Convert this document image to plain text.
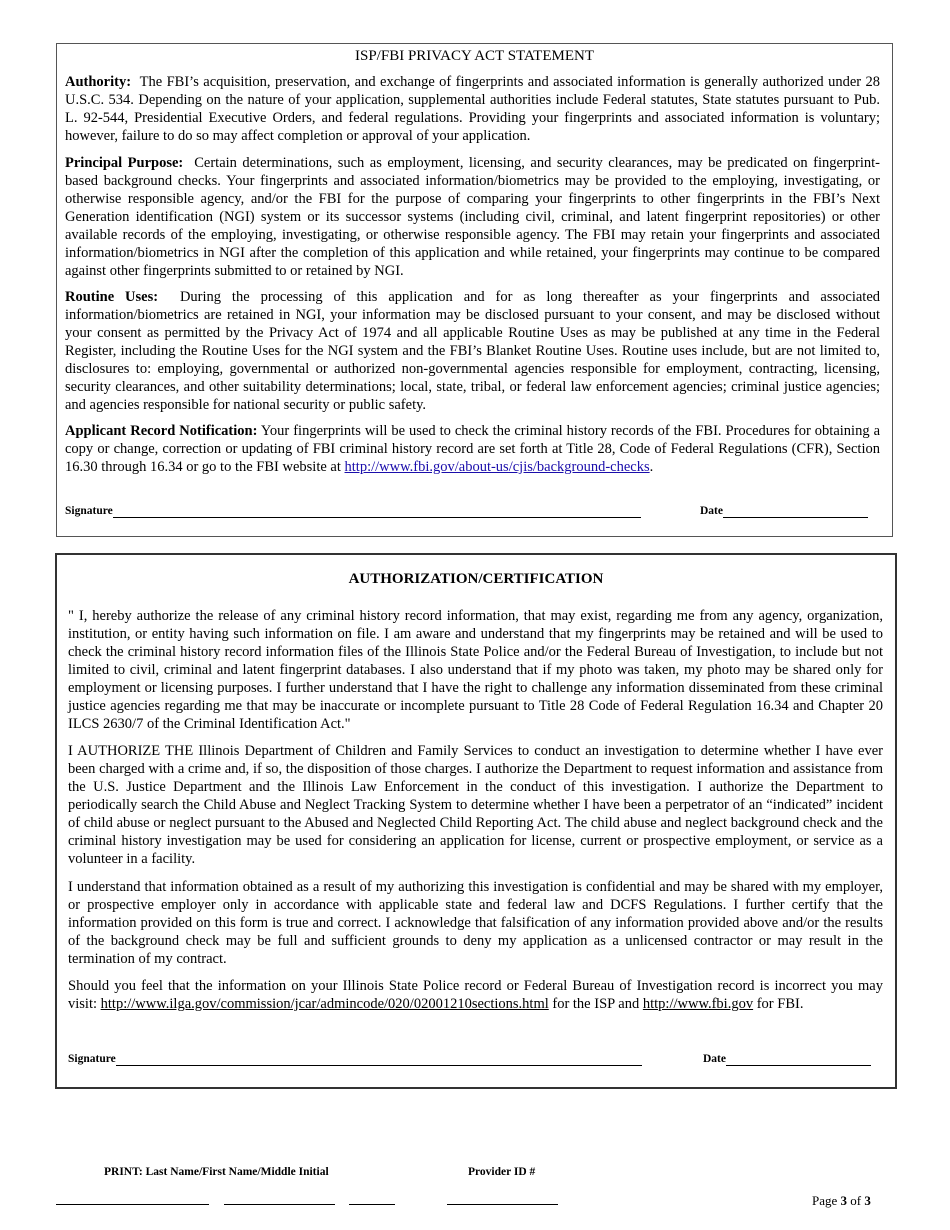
ISP/FBI PRIVACY ACT STATEMENT

Authority: The FBI’s acquisition, preservation, and exchange of fingerprints and associated information is generally authorized under 28 U.S.C. 534. Depending on the nature of your application, supplemental authorities include Federal statutes, State statutes pursuant to Pub. L. 92-544, Presidential Executive Orders, and federal regulations. Providing your fingerprints and associated information is voluntary; however, failure to do so may affect completion or approval of your application.

Principal Purpose: Certain determinations, such as employment, licensing, and security clearances, may be predicated on fingerprint-based background checks. Your fingerprints and associated information/biometrics may be provided to the employing, investigating, or otherwise responsible agency, and/or the FBI for the purpose of comparing your fingerprints to other fingerprints in the FBI’s Next Generation identification (NGI) system or its successor systems (including civil, criminal, and latent fingerprint repositories) or other available records of the employing, investigating, or otherwise responsible agency. The FBI may retain your fingerprints and associated information/biometrics in NGI after the completion of this application and while retained, your fingerprints may continue to be compared against other fingerprints submitted to or retained by NGI.

Routine Uses: During the processing of this application and for as long thereafter as your fingerprints and associated information/biometrics are retained in NGI, your information may be disclosed pursuant to your consent, and may be disclosed without your consent as permitted by the Privacy Act of 1974 and all applicable Routine Uses as may be published at any time in the Federal Register, including the Routine Uses for the NGI system and the FBI’s Blanket Routine Uses. Routine uses include, but are not limited to, disclosures to: employing, governmental or authorized non-governmental agencies responsible for employment, contracting, licensing, security clearances, and other suitability determinations; local, state, tribal, or federal law enforcement agencies; criminal justice agencies; and agencies responsible for national security or public safety.

Applicant Record Notification: Your fingerprints will be used to check the criminal history records of the FBI. Procedures for obtaining a copy or change, correction or updating of FBI criminal history record are set forth at Title 28, Code of Federal Regulations (CFR), Section 16.30 through 16.34 or go to the FBI website at http://www.fbi.gov/about-us/cjis/background-checks.

Signature	Date
AUTHORIZATION/CERTIFICATION

" I, hereby authorize the release of any criminal history record information, that may exist, regarding me from any agency, organization, institution, or entity having such information on file. I am aware and understand that my fingerprints may be retained and will be used to check the criminal history record information files of the Illinois State Police and/or the Federal Bureau of Investigation, to include but not limited to civil, criminal and latent fingerprint databases. I also understand that if my photo was taken, my photo may be shared only for employment or licensing purposes. I further understand that I have the right to challenge any information disseminated from these criminal justice agencies regarding me that may be inaccurate or incomplete pursuant to Title 28 Code of Federal Regulation 16.34 and Chapter 20 ILCS 2630/7 of the Criminal Identification Act."

I AUTHORIZE THE Illinois Department of Children and Family Services to conduct an investigation to determine whether I have ever been charged with a crime and, if so, the disposition of those charges. I authorize the Department to request information and assistance from the U.S. Justice Department and the Illinois Law Enforcement in the conduct of this investigation. I authorize the Department to periodically search the Child Abuse and Neglect Tracking System to determine whether I have been a perpetrator of an “indicated” incident of child abuse or neglect pursuant to the Abused and Neglected Child Reporting Act. The child abuse and neglect background check and the criminal history investigation may be used for considering an application for license, current or prospective employment, or service as a volunteer in a facility.

I understand that information obtained as a result of my authorizing this investigation is confidential and may be shared with my employer, or prospective employer only in accordance with applicable state and federal law and DCFS Regulations. I further certify that the information provided on this form is true and correct. I acknowledge that falsification of any information provided above and/or the results of the background check may be full and sufficient grounds to deny my application as a unlicensed contractor or may result in the termination of my contract.

Should you feel that the information on your Illinois State Police record or Federal Bureau of Investigation record is incorrect you may visit: http://www.ilga.gov/commission/jcar/admincode/020/02001210sections.html for the ISP and http://www.fbi.gov for FBI.

Signature	Date
PRINT: Last Name/First Name/Middle Initial	Provider ID #
Page 3 of 3
